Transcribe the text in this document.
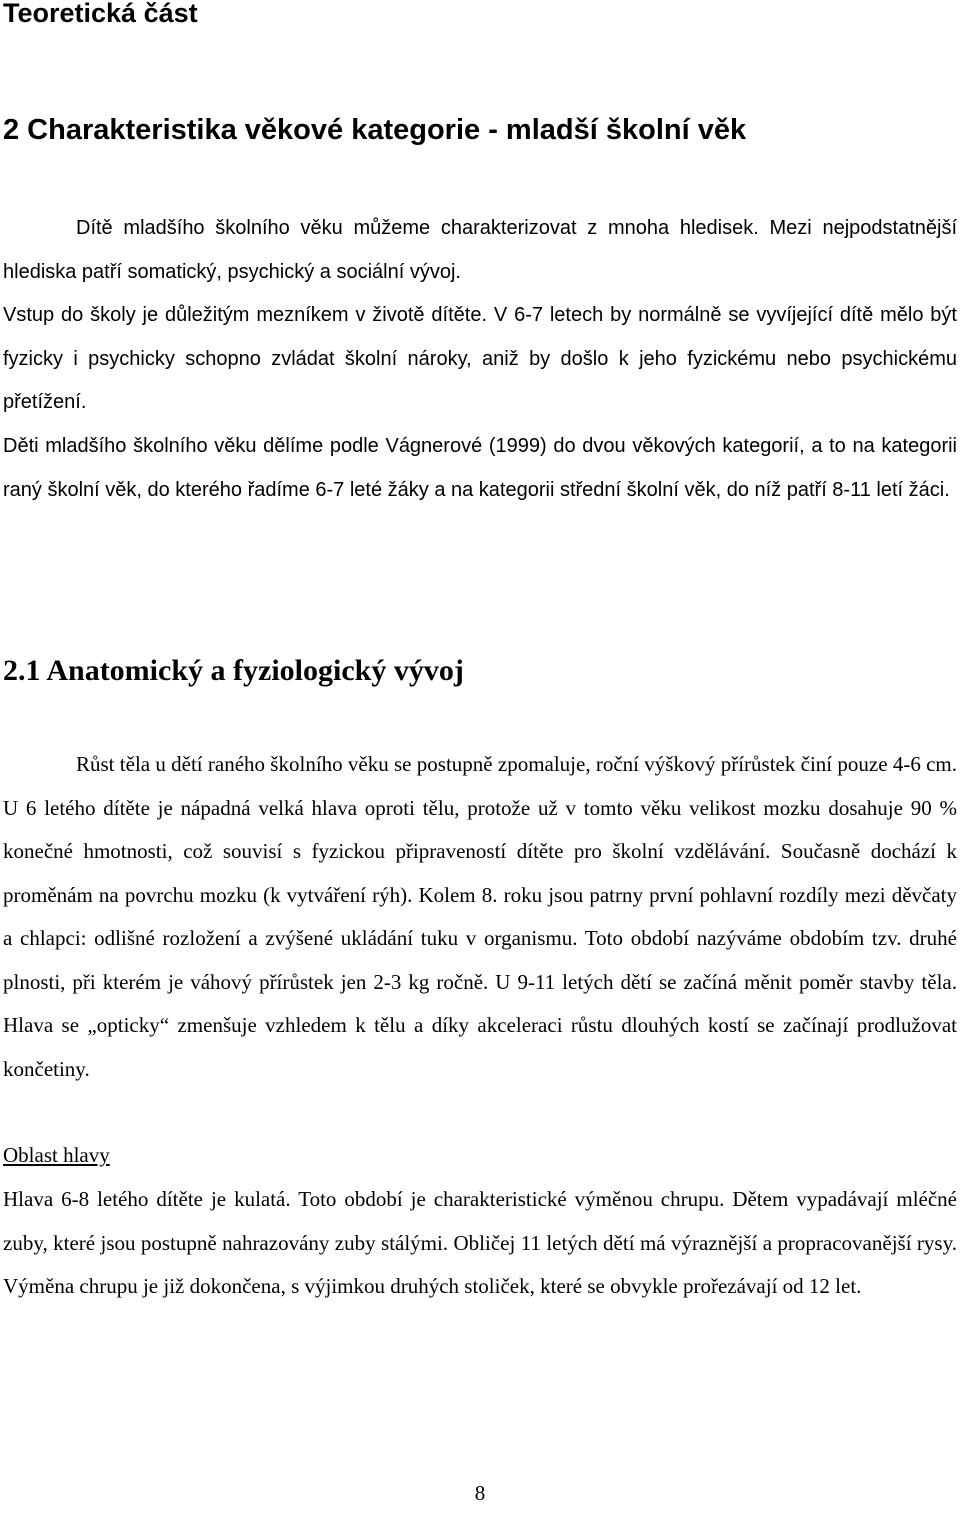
Teoretická část
2 Charakteristika věkové kategorie - mladší školní věk

Dítě mladšího školního věku můžeme charakterizovat z mnoha hledisek. Mezi nejpodstatnější hlediska patří somatický, psychický a sociální vývoj.

Vstup do školy je důležitým mezníkem v životě dítěte. V 6-7 letech by normálně se vyvíjející dítě mělo být fyzicky i psychicky schopno zvládat školní nároky, aniž by došlo k jeho fyzickému nebo psychickému přetížení.

Děti mladšího školního věku dělíme podle Vágnerové (1999) do dvou věkových kategorií, a to na kategorii raný školní věk, do kterého řadíme 6-7 leté žáky a na kategorii střední školní věk, do níž patří 8-11 letí žáci.

2.1 Anatomický a fyziologický vývoj

Růst těla u dětí raného školního věku se postupně zpomaluje, roční výškový přírůstek činí pouze 4-6 cm. U 6 letého dítěte je nápadná velká hlava oproti tělu, protože už v tomto věku velikost mozku dosahuje 90 % konečné hmotnosti, což souvisí s fyzickou připraveností dítěte pro školní vzdělávání. Současně dochází k proměnám na povrchu mozku (k vytváření rýh). Kolem 8. roku jsou patrny první pohlavní rozdíly mezi děvčaty a chlapci: odlišné rozložení a zvýšené ukládání tuku v organismu. Toto období nazýváme obdobím tzv. druhé plnosti, při kterém je váhový přírůstek jen 2-3 kg ročně. U 9-11 letých dětí se začíná měnit poměr stavby těla. Hlava se „opticky“ zmenšuje vzhledem k tělu a díky akceleraci růstu dlouhých kostí se začínají prodlužovat končetiny.

Oblast hlavy

Hlava 6-8 letého dítěte je kulatá. Toto období je charakteristické výměnou chrupu. Dětem vypadávají mléčné zuby, které jsou postupně nahrazovány zuby stálými. Obličej 11 letých dětí má výraznější a propracovanější rysy. Výměna chrupu je již dokončena, s výjimkou druhých stoliček, které se obvykle prořezávají od 12 let.

8
